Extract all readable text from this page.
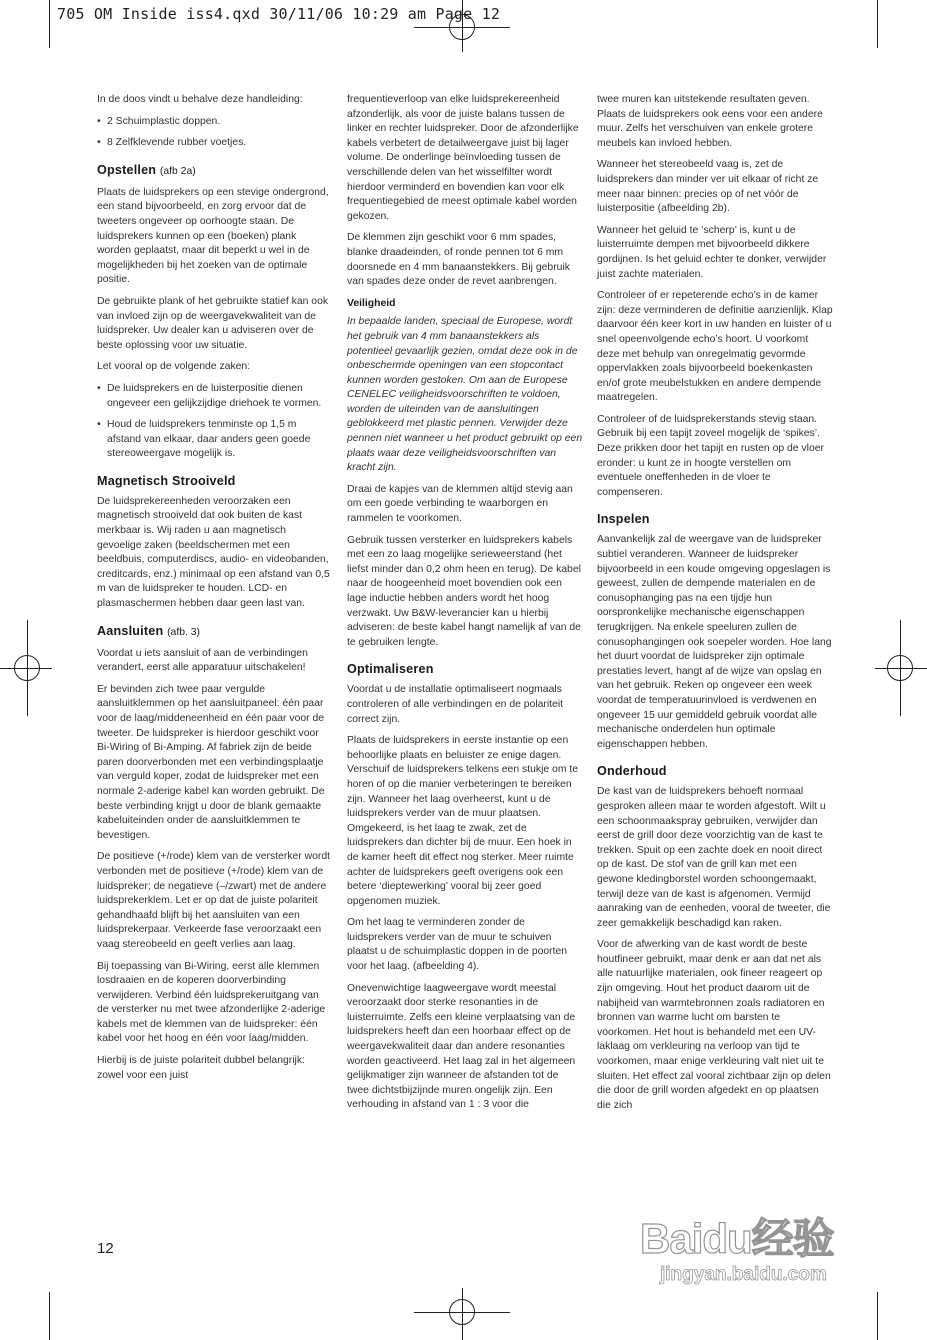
705 OM Inside iss4.qxd 30/11/06 10:29 am Page 12

In de doos vindt u behalve deze handleiding:

• 2 Schuimplastic doppen.

• 8 Zelfklevende rubber voetjes.

Opstellen (afb 2a)

Plaats de luidsprekers op een stevige ondergrond, een stand bijvoorbeeld, en zorg ervoor dat de tweeters ongeveer op oorhoogte staan. De luidsprekers kunnen op een (boeken) plank worden geplaatst, maar dit beperkt u wel in de mogelijkheden bij het zoeken van de optimale positie.

De gebruikte plank of het gebruikte statief kan ook van invloed zijn op de weergavekwaliteit van de luidspreker. Uw dealer kan u adviseren over de beste oplossing voor uw situatie.

Let vooral op de volgende zaken:

• De luidsprekers en de luisterpositie dienen ongeveer een gelijkzijdige driehoek te vormen.

• Houd de luidsprekers tenminste op 1,5 m afstand van elkaar, daar anders geen goede stereoweergave mogelijk is.

Magnetisch Strooiveld

De luidsprekereenheden veroorzaken een magnetisch strooiveld dat ook buiten de kast merkbaar is. Wij raden u aan magnetisch gevoelige zaken (beeldschermen met een beeldbuis, computerdiscs, audio- en videobanden, creditcards, enz.) minimaal op een afstand van 0,5 m van de luidspreker te houden. LCD- en plasmaschermen hebben daar geen last van.

Aansluiten (afb. 3)

Voordat u iets aansluit of aan de verbindingen verandert, eerst alle apparatuur uitschakelen!

Er bevinden zich twee paar vergulde aansluitklemmen op het aansluitpaneel: één paar voor de laag/middeneenheid en één paar voor de tweeter. De luidspreker is hierdoor geschikt voor Bi-Wiring of Bi-Amping. Af fabriek zijn de beide paren doorverbonden met een verbindingsplaatje van verguld koper, zodat de luidspreker met een normale 2-aderige kabel kan worden gebruikt. De beste verbinding krijgt u door de blank gemaakte kabeluiteinden onder de aansluitklemmen te bevestigen.

De positieve (+/rode) klem van de versterker wordt verbonden met de positieve (+/rode) klem van de luidspreker; de negatieve (–/zwart) met de andere luidsprekerklem. Let er op dat de juiste polariteit gehandhaafd blijft bij het aansluiten van een luidsprekerpaar. Verkeerde fase veroorzaakt een vaag stereobeeld en geeft verlies aan laag.

Bij toepassing van Bi-Wiring, eerst alle klemmen losdraaien en de koperen doorverbinding verwijderen. Verbind één luidsprekeruitgang van de versterker nu met twee afzonderlijke 2-aderige kabels met de klemmen van de luidspreker: één kabel voor het hoog en één voor laag/midden.

Hierbij is de juiste polariteit dubbel belangrijk: zowel voor een juist

frequentieverloop van elke luidsprekereenheid afzonderlijk, als voor de juiste balans tussen de linker en rechter luidspreker. Door de afzonderlijke kabels verbetert de detailweergave juist bij lager volume. De onderlinge beïnvloeding tussen de verschillende delen van het wisselfilter wordt hierdoor verminderd en bovendien kan voor elk frequentiegebied de meest optimale kabel worden gekozen.

De klemmen zijn geschikt voor 6 mm spades, blanke draadeinden, of ronde pennen tot 6 mm doorsnede en 4 mm banaanstekkers. Bij gebruik van spades deze onder de revet aanbrengen.

Veiligheid

In bepaalde landen, speciaal de Europese, wordt het gebruik van 4 mm banaanstekkers als potentieel gevaarlijk gezien, omdat deze ook in de onbeschermde openingen van een stopcontact kunnen worden gestoken. Om aan de Europese CENELEC veiligheidsvoorschriften te voldoen, worden de uiteinden van de aansluitingen geblokkeerd met plastic pennen. Verwijder deze pennen niet wanneer u het product gebruikt op een plaats waar deze veiligheidsvoorschriften van kracht zijn.

Draai de kapjes van de klemmen altijd stevig aan om een goede verbinding te waarborgen en rammelen te voorkomen.

Gebruik tussen versterker en luidsprekers kabels met een zo laag mogelijke serieweerstand (het liefst minder dan 0,2 ohm heen en terug). De kabel naar de hoogeenheid moet bovendien ook een lage inductie hebben anders wordt het hoog verzwakt. Uw B&W-leverancier kan u hierbij adviseren: de beste kabel hangt namelijk af van de te gebruiken lengte.

Optimaliseren

Voordat u de installatie optimaliseert nogmaals controleren of alle verbindingen en de polariteit correct zijn.

Plaats de luidsprekers in eerste instantie op een behoorlijke plaats en beluister ze enige dagen. Verschuif de luidsprekers telkens een stukje om te horen of op die manier verbeteringen te bereiken zijn. Wanneer het laag overheerst, kunt u de luidsprekers verder van de muur plaatsen. Omgekeerd, is het laag te zwak, zet de luidsprekers dan dichter bij de muur. Een hoek in de kamer heeft dit effect nog sterker. Meer ruimte achter de luidsprekers geeft overigens ook een betere ‘dieptewerking’ vooral bij zeer goed opgenomen muziek.

Om het laag te verminderen zonder de luidsprekers verder van de muur te schuiven plaatst u de schuimplastic doppen in de poorten voor het laag. (afbeelding 4).

Onevenwichtige laagweergave wordt meestal veroorzaakt door sterke resonanties in de luisterruimte. Zelfs een kleine verplaatsing van de luidsprekers heeft dan een hoorbaar effect op de weergavekwaliteit daar dan andere resonanties worden geactiveerd. Het laag zal in het algemeen gelijkmatiger zijn wanneer de afstanden tot de twee dichtstbijzijnde muren ongelijk zijn. Een verhouding in afstand van 1 : 3 voor die

twee muren kan uitstekende resultaten geven. Plaats de luidsprekers ook eens voor een andere muur. Zelfs het verschuiven van enkele grotere meubels kan invloed hebben.

Wanneer het stereobeeld vaag is, zet de luidsprekers dan minder ver uit elkaar of richt ze meer naar binnen: precies op of net vóór de luisterpositie (afbeelding 2b).

Wanneer het geluid te ‘scherp’ is, kunt u de luisterruimte dempen met bijvoorbeeld dikkere gordijnen. Is het geluid echter te donker, verwijder juist zachte materialen.

Controleer of er repeterende echo’s in de kamer zijn: deze verminderen de definitie aanzienlijk. Klap daarvoor één keer kort in uw handen en luister of u snel opeenvolgende echo’s hoort. U voorkomt deze met behulp van onregelmatig gevormde oppervlakken zoals bijvoorbeeld boekenkasten en/of grote meubelstukken en andere dempende maatregelen.

Controleer of de luidsprekerstands stevig staan. Gebruik bij een tapijt zoveel mogelijk de ‘spikes’. Deze prikken door het tapijt en rusten op de vloer eronder: u kunt ze in hoogte verstellen om eventuele oneffenheden in de vloer te compenseren.

Inspelen

Aanvankelijk zal de weergave van de luidspreker subtiel veranderen. Wanneer de luidspreker bijvoorbeeld in een koude omgeving opgeslagen is geweest, zullen de dempende materialen en de conusophanging pas na een tijdje hun oorspronkelijke mechanische eigenschappen terugkrijgen. Na enkele speeluren zullen de conusophangingen ook soepeler worden. Hoe lang het duurt voordat de luidspreker zijn optimale prestaties levert, hangt af de wijze van opslag en van het gebruik. Reken op ongeveer een week voordat de temperatuurinvloed is verdwenen en ongeveer 15 uur gemiddeld gebruik voordat alle mechanische onderdelen hun optimale eigenschappen hebben.

Onderhoud

De kast van de luidsprekers behoeft normaal gesproken alleen maar te worden afgestoft. Wilt u een schoonmaakspray gebruiken, verwijder dan eerst de grill door deze voorzichtig van de kast te trekken. Spuit op een zachte doek en nooit direct op de kast. De stof van de grill kan met een gewone kledingborstel worden schoongemaakt, terwijl deze van de kast is afgenomen. Vermijd aanraking van de eenheden, vooral de tweeter, die zeer gemakkelijk beschadigd kan raken.

Voor de afwerking van de kast wordt de beste houtfineer gebruikt, maar denk er aan dat net als alle natuurlijke materialen, ook fineer reageert op zijn omgeving. Hout het product daarom uit de nabijheid van warmtebronnen zoals radiatoren en bronnen van warme lucht om barsten te voorkomen. Het hout is behandeld met een UV-laklaag om verkleuring na verloop van tijd te voorkomen, maar enige verkleuring valt niet uit te sluiten. Het effect zal vooral zichtbaar zijn op delen die door de grill worden afgedekt en op plaatsen die zich

12	Baidu经验
jingyan.baidu.com
